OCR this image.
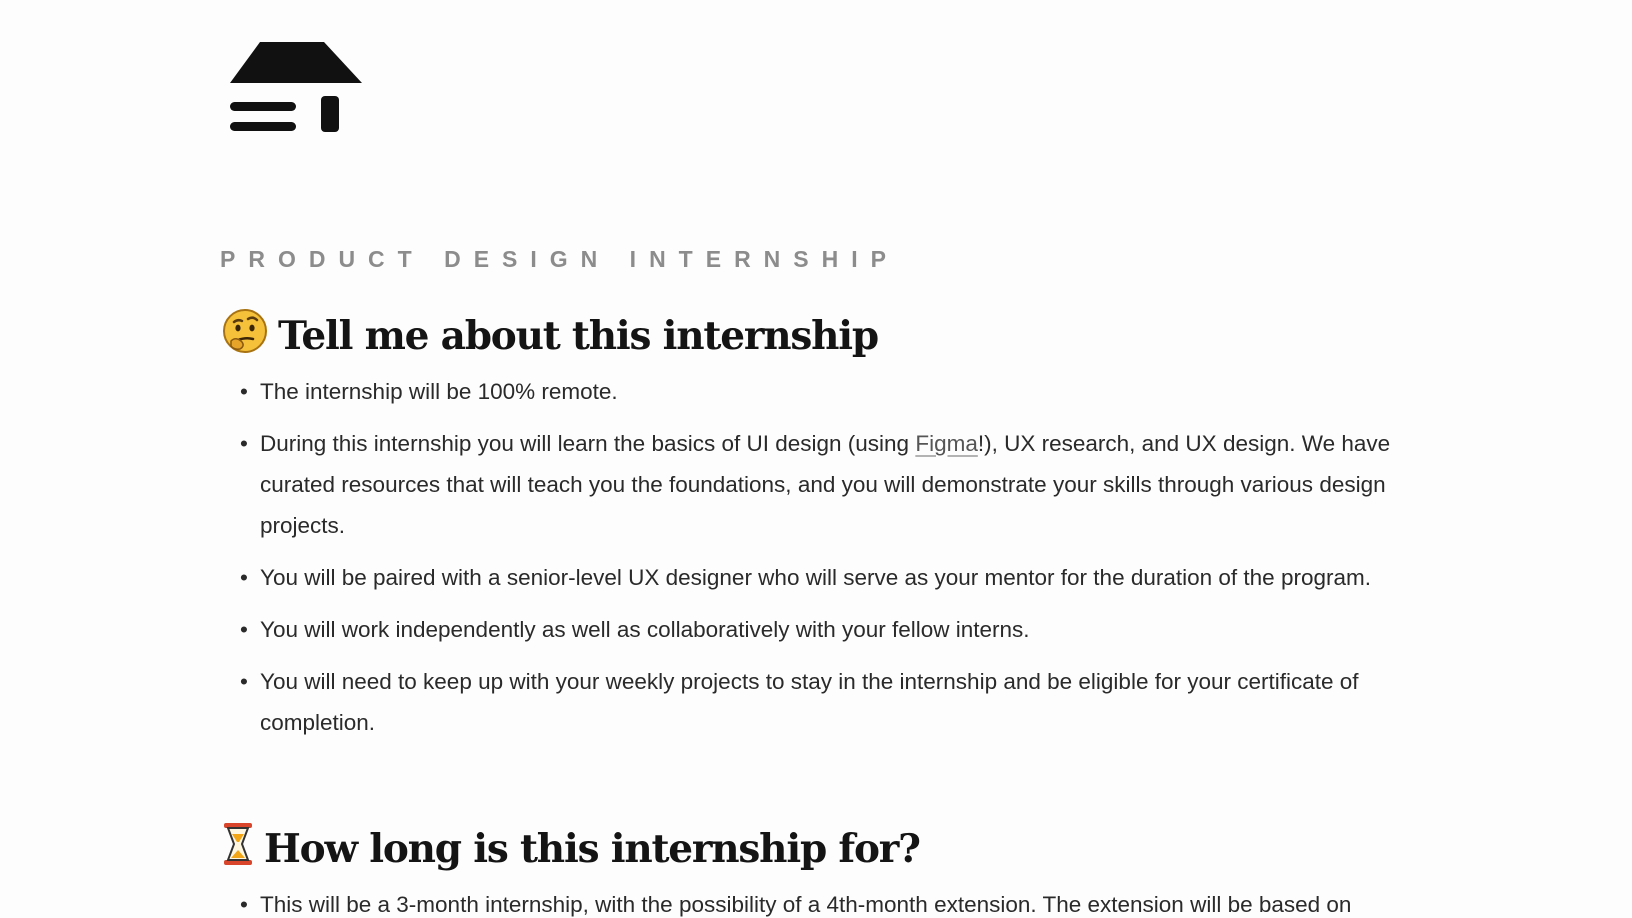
PRODUCT DESIGN INTERNSHIP
Tell me about this internship
• The internship will be 100% remote.
• During this internship you will learn the basics of UI design (using Figma!), UX research, and UX design. We have curated resources that will teach you the foundations, and you will demonstrate your skills through various design projects.
• You will be paired with a senior-level UX designer who will serve as your mentor for the duration of the program.
• You will work independently as well as collaboratively with your fellow interns.
• You will need to keep up with your weekly projects to stay in the internship and be eligible for your certificate of completion.
How long is this internship for?
• This will be a 3-month internship, with the possibility of a 4th-month extension. The extension will be based on
